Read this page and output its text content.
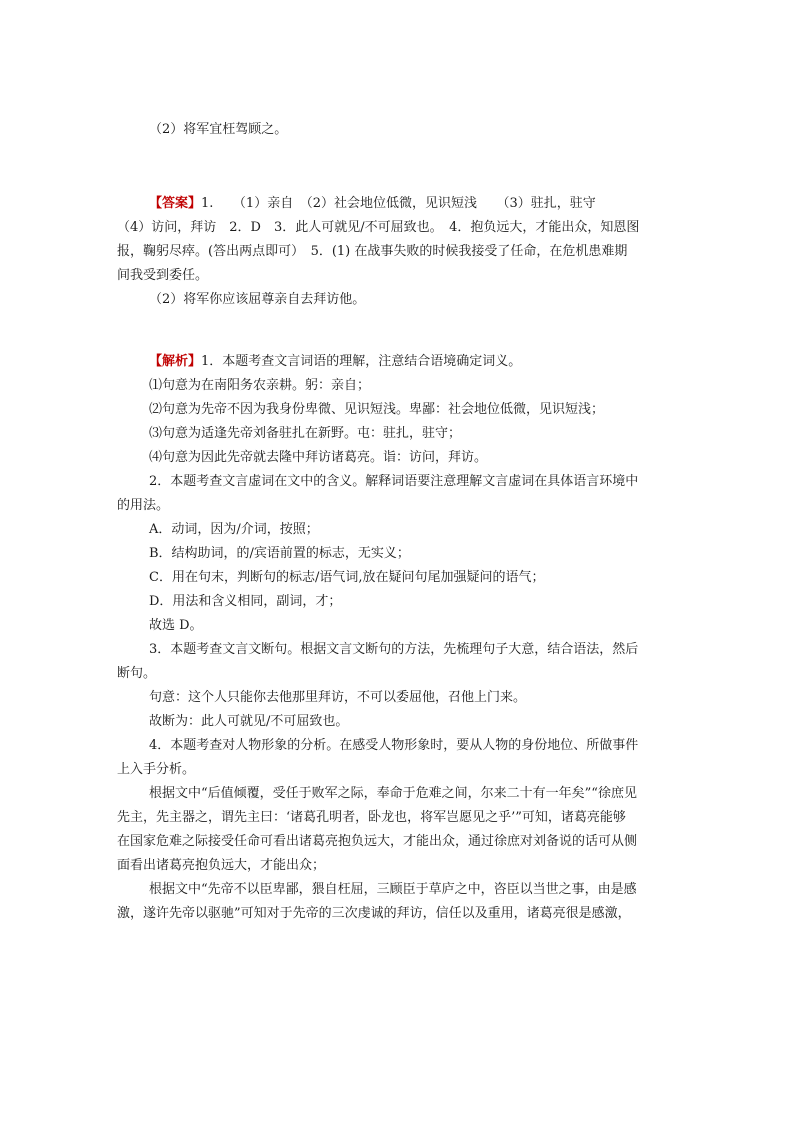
（2）将军宜枉驾顾之。

【答案】1.　　（1）亲自　（2）社会地位低微，见识短浅　　（3）驻扎，驻守

（4）访问，拜访　2．D　3．此人可就见/不可屈致也。　4．抱负远大，才能出众，知恩图

报，鞠躬尽瘁。(答出两点即可）　5．(1) 在战事失败的时候我接受了任命，在危机患难期

间我受到委任。

（2）将军你应该屈尊亲自去拜访他。

【解析】1．本题考查文言词语的理解，注意结合语境确定词义。

⑴句意为在南阳务农亲耕。躬：亲自；

⑵句意为先帝不因为我身份卑微、见识短浅。卑鄙：社会地位低微，见识短浅；

⑶句意为适逢先帝刘备驻扎在新野。屯：驻扎，驻守；

⑷句意为因此先帝就去隆中拜访诸葛亮。诣：访问，拜访。

2．本题考查文言虚词在文中的含义。解释词语要注意理解文言虚词在具体语言环境中

的用法。

A．动词，因为/介词，按照；

B．结构助词，的/宾语前置的标志，无实义；

C．用在句末，判断句的标志/语气词,放在疑问句尾加强疑问的语气；

D．用法和含义相同，副词，才；

故选 D。

3．本题考查文言文断句。根据文言文断句的方法，先梳理句子大意，结合语法，然后

断句。

句意：这个人只能你去他那里拜访，不可以委屈他，召他上门来。

故断为：此人可就见/不可屈致也。

4．本题考查对人物形象的分析。在感受人物形象时，要从人物的身份地位、所做事件

上入手分析。

根据文中“后值倾覆，受任于败军之际，奉命于危难之间，尔来二十有一年矣”“徐庶见

先主，先主器之，谓先主曰：‘诸葛孔明者，卧龙也，将军岂愿见之乎’”可知，诸葛亮能够

在国家危难之际接受任命可看出诸葛亮抱负远大，才能出众，通过徐庶对刘备说的话可从侧

面看出诸葛亮抱负远大，才能出众；

根据文中“先帝不以臣卑鄙，猥自枉屈，三顾臣于草庐之中，咨臣以当世之事，由是感

激，遂许先帝以驱驰”可知对于先帝的三次虔诚的拜访，信任以及重用，诸葛亮很是感激，
